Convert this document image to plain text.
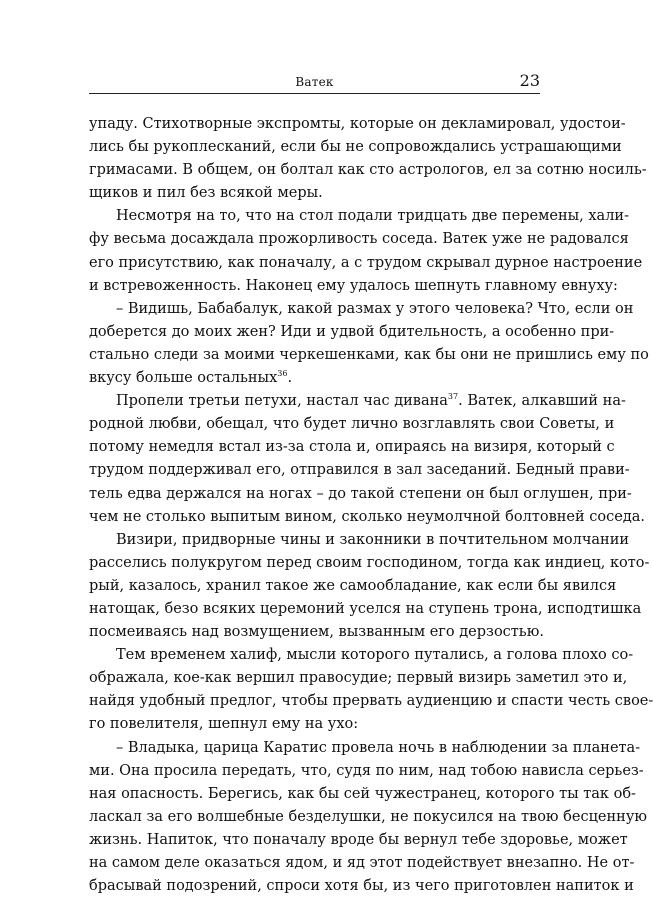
Ватек	23
упаду. Стихотворные экспромты, которые он декламировал, удостои-
лись бы рукоплесканий, если бы не сопровождались устрашающими
гримасами. В общем, он болтал как сто астрологов, ел за сотню носиль-
щиков и пил без всякой меры.
Несмотря на то, что на стол подали тридцать две перемены, хали-
фу весьма досаждала прожорливость соседа. Ватек уже не радовался
его присутствию, как поначалу, а с трудом скрывал дурное настроение
и встревоженность. Наконец ему удалось шепнуть главному евнуху:
– Видишь, Бабабалук, какой размах у этого человека? Что, если он
доберется до моих жен? Иди и удвой бдительность, а особенно при-
стально следи за моими черкешенками, как бы они не пришлись ему по
вкусу больше остальных$^{36}$.
Пропели третьи петухи, настал час дивана$^{37}$. Ватек, алкавший на-
родной любви, обещал, что будет лично возглавлять свои Советы, и
потому немедля встал из-за стола и, опираясь на визиря, который с
трудом поддерживал его, отправился в зал заседаний. Бедный прави-
тель едва держался на ногах – до такой степени он был оглушен, при-
чем не столько выпитым вином, сколько неумолчной болтовней соседа.
Визири, придворные чины и законники в почтительном молчании
расселись полукругом перед своим господином, тогда как индиец, кото-
рый, казалось, хранил такое же самообладание, как если бы явился
натощак, безо всяких церемоний уселся на ступень трона, исподтишка
посмеиваясь над возмущением, вызванным его дерзостью.
Тем временем халиф, мысли которого путались, а голова плохо со-
ображала, кое-как вершил правосудие; первый визирь заметил это и,
найдя удобный предлог, чтобы прервать аудиенцию и спасти честь свое-
го повелителя, шепнул ему на ухо:
– Владыка, царица Каратис провела ночь в наблюдении за планета-
ми. Она просила передать, что, судя по ним, над тобою нависла серьез-
ная опасность. Берегись, как бы сей чужестранец, которого ты так об-
ласкал за его волшебные безделушки, не покусился на твою бесценную
жизнь. Напиток, что поначалу вроде бы вернул тебе здоровье, может
на самом деле оказаться ядом, и яд этот подействует внезапно. Не от-
брасывай подозрений, спроси хотя бы, из чего приготовлен напиток и
